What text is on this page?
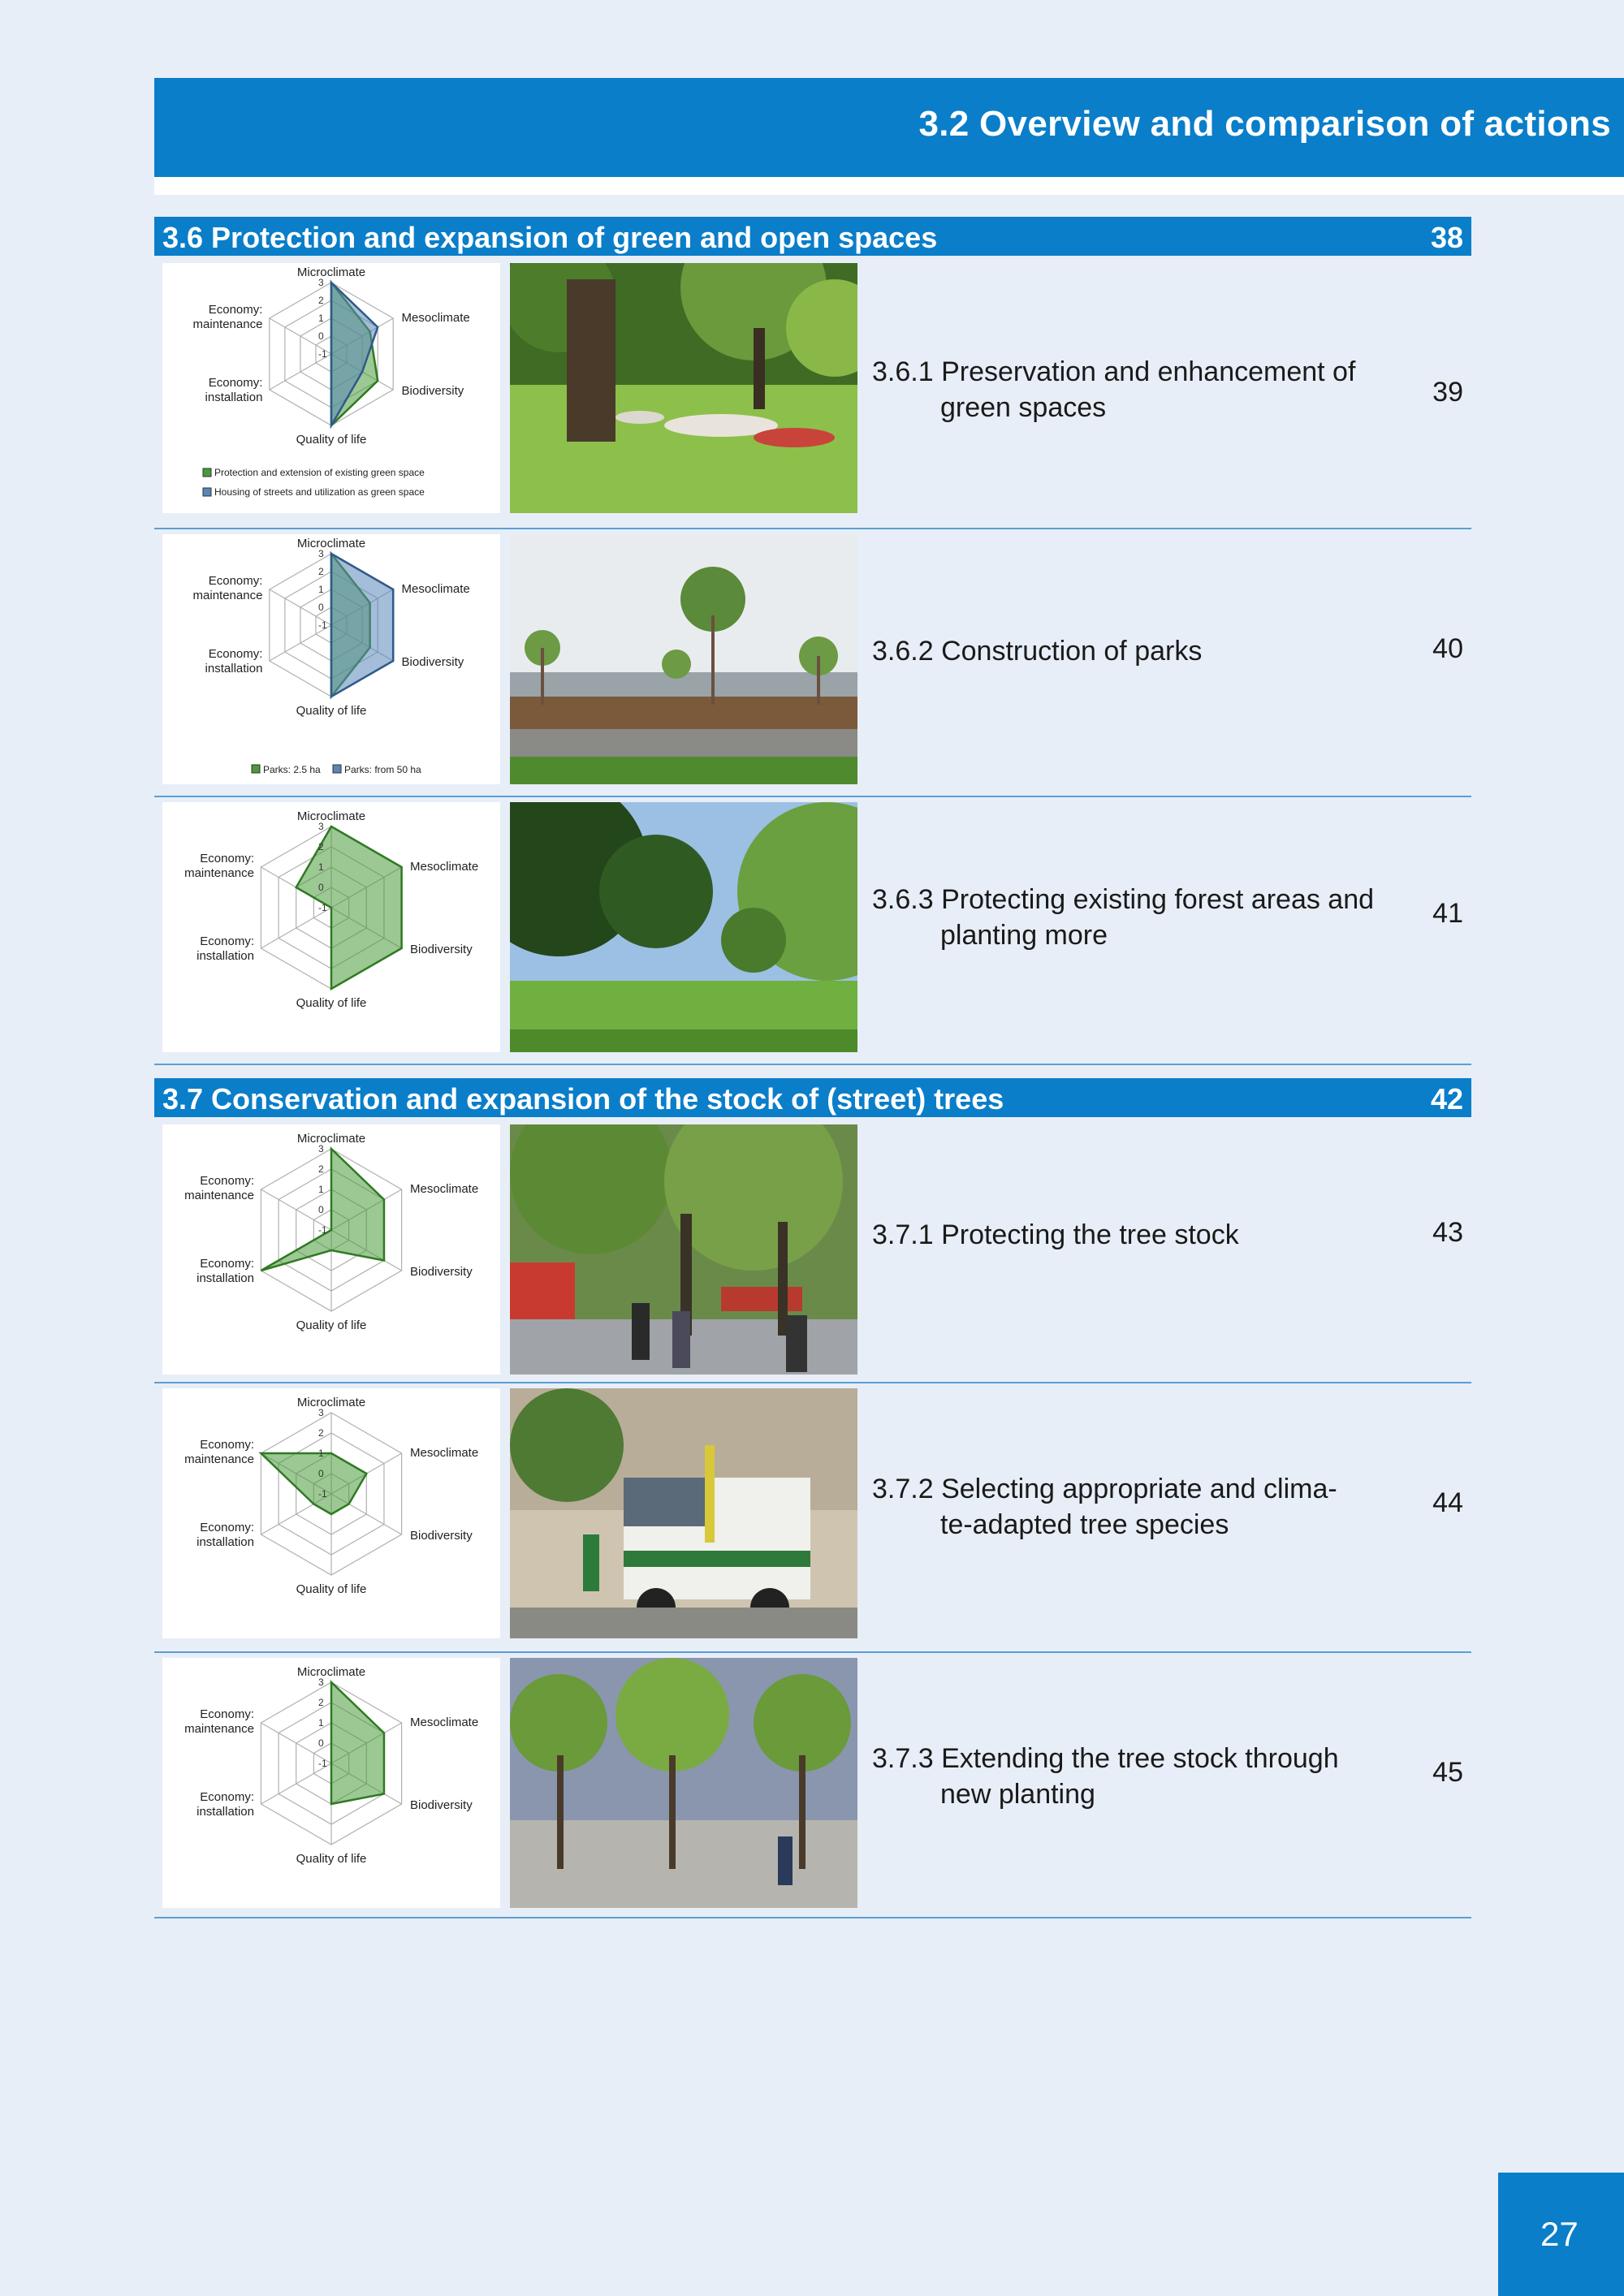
3.2 Overview and comparison of actions
3.6 Protection and expansion of green and open spaces	38
3
2
1
0
-1
Microclimate
Mesoclimate
Biodiversity
Quality of life
Economy:
installation
Economy:
maintenance
Protection and extension of existing green space
Housing of streets and utilization as green space
3.6.1 Preservation and enhancement of
green spaces	39
3
2
1
0
-1
Microclimate
Mesoclimate
Biodiversity
Quality of life
Economy:
installation
Economy:
maintenance
Parks: 2.5 ha Parks: from 50 ha
3.6.2 Construction of parks	40
3
2
1
0
-1
Microclimate
Mesoclimate
Biodiversity
Quality of life
Economy:
installation
Economy:
maintenance
3.6.3 Protecting existing forest areas and
planting more
41
3.7 Conservation and expansion of the stock of (street) trees	42
3
2
1
0
-1
Microclimate
Mesoclimate
Biodiversity
Quality of life
Economy:
installation
Economy:
maintenance
3.7.1 Protecting the tree stock	43
3
2
1
0
-1
Microclimate
Mesoclimate
Biodiversity
Quality of life
Economy:
installation
Economy:
maintenance
3.7.2 Selecting appropriate and clima-
te-adapted tree species
44
3
2
1
0
-1
Microclimate
Mesoclimate
Biodiversity
Quality of life
Economy:
installation
Economy:
maintenance
3.7.3 Extending the tree stock through
new planting
45
27
